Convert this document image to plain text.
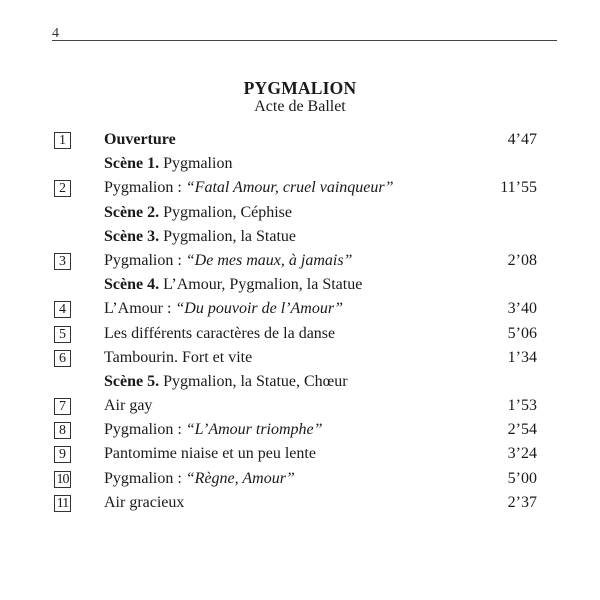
4
PYGMALION
Acte de Ballet
1	Ouverture	4’47
Scène 1. Pygmalion
2	Pygmalion : “Fatal Amour, cruel vainqueur”	11’55
Scène 2. Pygmalion, Céphise
Scène 3. Pygmalion, la Statue
3	Pygmalion : “De mes maux, à jamais”	2’08
Scène 4. L’Amour, Pygmalion, la Statue
4	L’Amour : “Du pouvoir de l’Amour”	3’40
5	Les différents caractères de la danse	5’06
6	Tambourin. Fort et vite	1’34
Scène 5. Pygmalion, la Statue, Chœur
7	Air gay	1’53
8	Pygmalion : “L’Amour triomphe”	2’54
9	Pantomime niaise et un peu lente	3’24
10 Pygmalion : “Règne, Amour”	5’00
11 Air gracieux	2’37
